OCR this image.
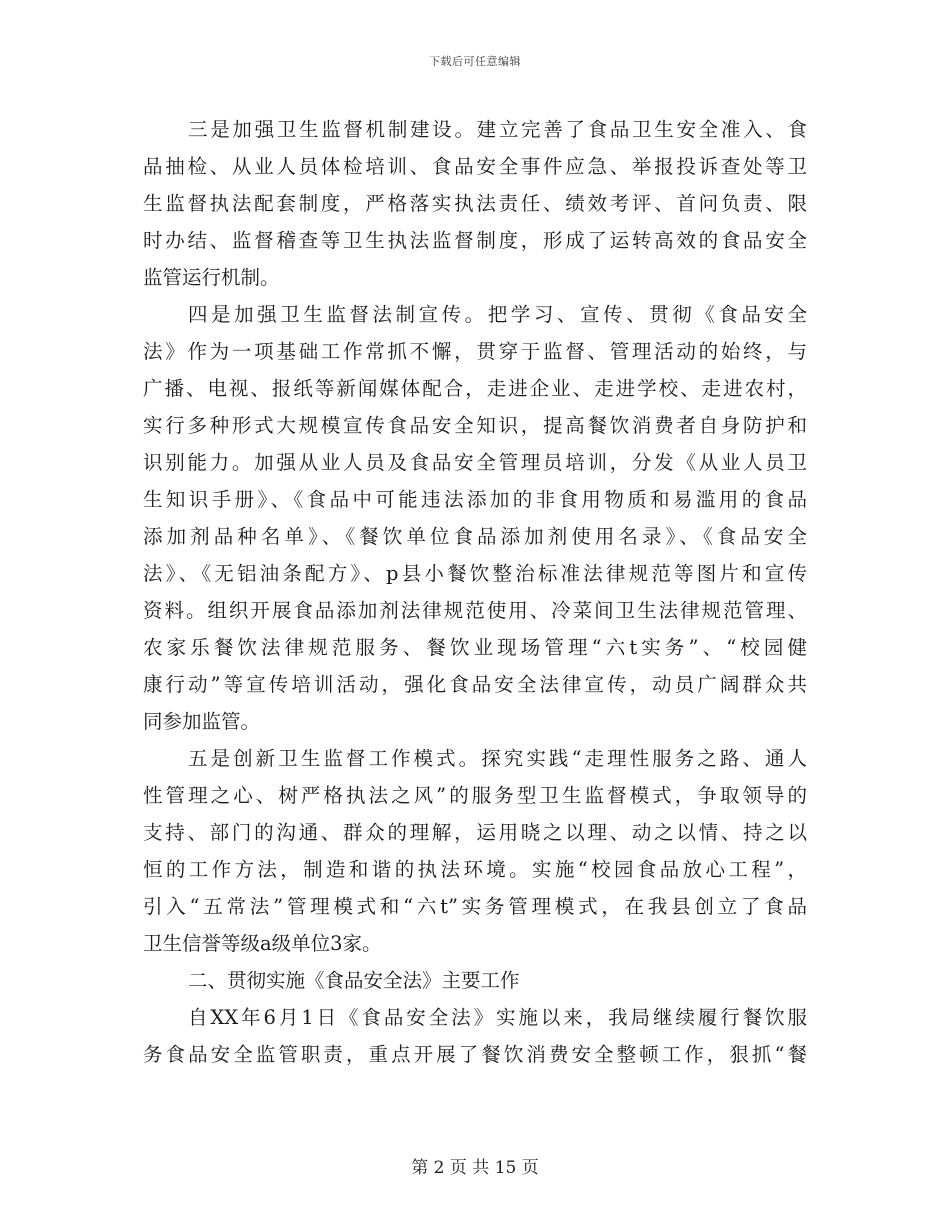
下载后可任意编辑
三是加强卫生监督机制建设。建立完善了食品卫生安全准入、食
品抽检、从业人员体检培训、食品安全事件应急、举报投诉查处等卫
生监督执法配套制度，严格落实执法责任、绩效考评、首问负责、限
时办结、监督稽查等卫生执法监督制度，形成了运转高效的食品安全
监管运行机制。
四是加强卫生监督法制宣传。把学习、宣传、贯彻《食品安全
法》作为一项基础工作常抓不懈，贯穿于监督、管理活动的始终，与
广播、电视、报纸等新闻媒体配合，走进企业、走进学校、走进农村，
实行多种形式大规模宣传食品安全知识，提高餐饮消费者自身防护和
识别能力。加强从业人员及食品安全管理员培训，分发《从业人员卫
生知识手册》、《食品中可能违法添加的非食用物质和易滥用的食品
添加剂品种名单》、《餐饮单位食品添加剂使用名录》、《食品安全
法》、《无铝油条配方》、p县小餐饮整治标准法律规范等图片和宣传
资料。组织开展食品添加剂法律规范使用、冷菜间卫生法律规范管理、
农家乐餐饮法律规范服务、餐饮业现场管理“六t实务”、“校园健
康行动”等宣传培训活动，强化食品安全法律宣传，动员广阔群众共
同参加监管。
五是创新卫生监督工作模式。探究实践“走理性服务之路、通人
性管理之心、树严格执法之风”的服务型卫生监督模式，争取领导的
支持、部门的沟通、群众的理解，运用晓之以理、动之以情、持之以
恒的工作方法，制造和谐的执法环境。实施“校园食品放心工程”，
引入“五常法”管理模式和“六t”实务管理模式，在我县创立了食品
卫生信誉等级a级单位3家。
二、贯彻实施《食品安全法》主要工作
自XX年6月1日《食品安全法》实施以来，我局继续履行餐饮服
务食品安全监管职责，重点开展了餐饮消费安全整顿工作，狠抓“餐
第 2 页 共 15 页
